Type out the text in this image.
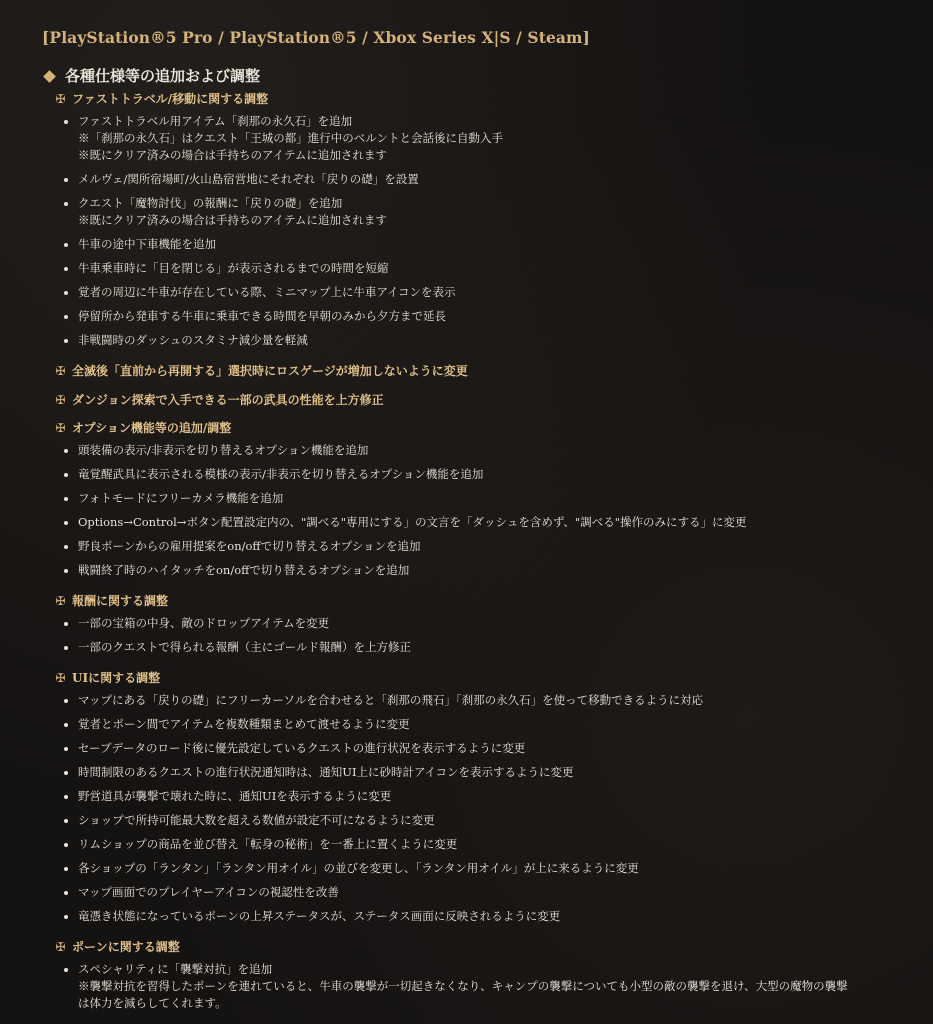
[PlayStation®5 Pro / PlayStation®5 / Xbox Series X|S / Steam]
各種仕様等の追加および調整
✠ ファストトラベル/移動に関する調整
ファストトラベル用アイテム「刹那の永久石」を追加
※「刹那の永久石」はクエスト「王城の都」進行中のベルントと会話後に自動入手
※既にクリア済みの場合は手持ちのアイテムに追加されます
メルヴェ/関所宿場町/火山島宿営地にそれぞれ「戻りの礎」を設置
クエスト「魔物討伐」の報酬に「戻りの礎」を追加
※既にクリア済みの場合は手持ちのアイテムに追加されます
牛車の途中下車機能を追加
牛車乗車時に「目を閉じる」が表示されるまでの時間を短縮
覚者の周辺に牛車が存在している際、ミニマップ上に牛車アイコンを表示
停留所から発車する牛車に乗車できる時間を早朝のみから夕方まで延長
非戦闘時のダッシュのスタミナ減少量を軽減
✠ 全滅後「直前から再開する」選択時にロスゲージが増加しないように変更
✠ ダンジョン探索で入手できる一部の武具の性能を上方修正
✠ オプション機能等の追加/調整
頭装備の表示/非表示を切り替えるオプション機能を追加
竜覚醒武具に表示される模様の表示/非表示を切り替えるオプション機能を追加
フォトモードにフリーカメラ機能を追加
Options→Control→ボタン配置設定内の、"調べる"専用にする」の文言を「ダッシュを含めず、"調べる"操作のみにする」に変更
野良ポーンからの雇用提案をon/offで切り替えるオプションを追加
戦闘終了時のハイタッチをon/offで切り替えるオプションを追加
✠ 報酬に関する調整
一部の宝箱の中身、敵のドロップアイテムを変更
一部のクエストで得られる報酬（主にゴールド報酬）を上方修正
✠ UIに関する調整
マップにある「戻りの礎」にフリーカーソルを合わせると「刹那の飛石」「刹那の永久石」を使って移動できるように対応
覚者とポーン間でアイテムを複数種類まとめて渡せるように変更
セーブデータのロード後に優先設定しているクエストの進行状況を表示するように変更
時間制限のあるクエストの進行状況通知時は、通知UI上に砂時計アイコンを表示するように変更
野営道具が襲撃で壊れた時に、通知UIを表示するように変更
ショップで所持可能最大数を超える数値が設定不可になるように変更
リムショップの商品を並び替え「転身の秘術」を一番上に置くように変更
各ショップの「ランタン」「ランタン用オイル」の並びを変更し、「ランタン用オイル」が上に来るように変更
マップ画面でのプレイヤーアイコンの視認性を改善
竜憑き状態になっているポーンの上昇ステータスが、ステータス画面に反映されるように変更
✠ ポーンに関する調整
スペシャリティに「襲撃対抗」を追加
※襲撃対抗を習得したポーンを連れていると、牛車の襲撃が一切起きなくなり、キャンプの襲撃についても小型の敵の襲撃を退け、大型の魔物の襲撃
は体力を減らしてくれます。
